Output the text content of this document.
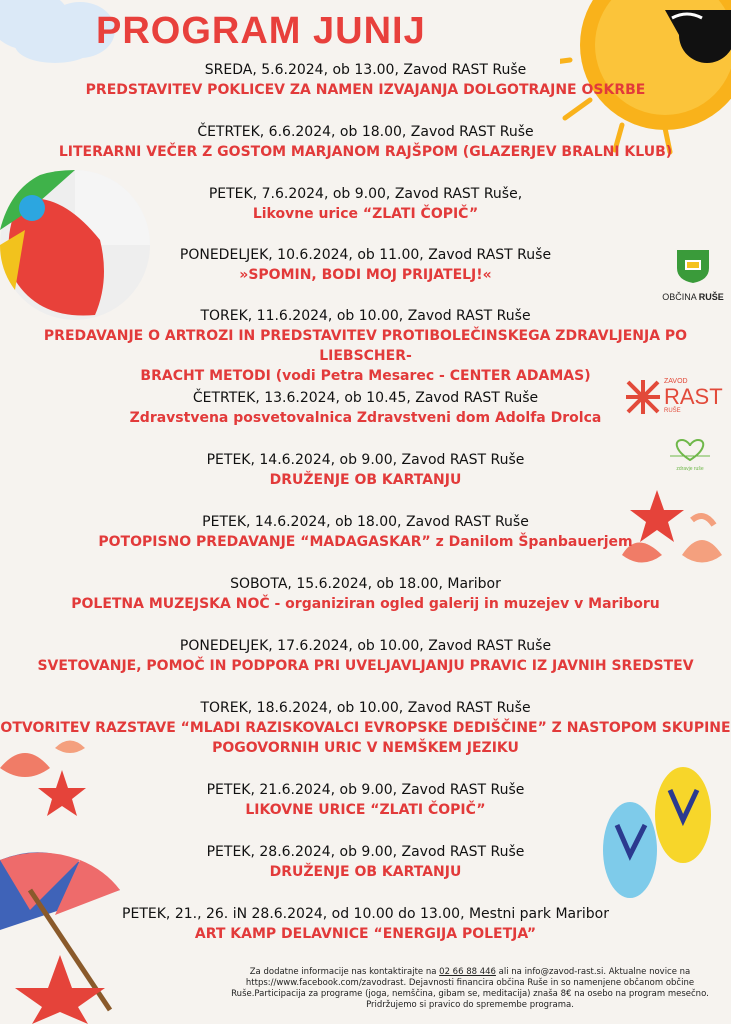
OBČINA RUŠE
ZAVOD
RAST
RUŠE
zdravje ruše
PROGRAM JUNIJ
SREDA, 5.6.2024, ob 13.00, Zavod RAST Ruše
PREDSTAVITEV POKLICEV ZA NAMEN IZVAJANJA DOLGOTRAJNE OSKRBE
ČETRTEK, 6.6.2024, ob 18.00, Zavod RAST Ruše
LITERARNI VEČER Z GOSTOM MARJANOM RAJŠPOM (GLAZERJEV BRALNI KLUB)
PETEK, 7.6.2024, ob 9.00, Zavod RAST Ruše,
Likovne urice “ZLATI ČOPIČ”
PONEDELJEK, 10.6.2024, ob 11.00, Zavod RAST Ruše
»SPOMIN, BODI MOJ PRIJATELJ!«
TOREK, 11.6.2024, ob 10.00, Zavod RAST Ruše
PREDAVANJE O ARTROZI IN PREDSTAVITEV PROTIBOLEČINSKEGA ZDRAVLJENJA PO LIEBSCHER-
BRACHT METODI (vodi Petra Mesarec - CENTER ADAMAS)
ČETRTEK, 13.6.2024, ob 10.45, Zavod RAST Ruše
Zdravstvena posvetovalnica Zdravstveni dom Adolfa Drolca
PETEK, 14.6.2024, ob 9.00, Zavod RAST Ruše
DRUŽENJE OB KARTANJU
PETEK, 14.6.2024, ob 18.00, Zavod RAST Ruše
POTOPISNO PREDAVANJE “MADAGASKAR” z Danilom Španbauerjem
SOBOTA, 15.6.2024, ob 18.00, Maribor
POLETNA MUZEJSKA NOČ - organiziran ogled galerij in muzejev v Mariboru
PONEDELJEK, 17.6.2024, ob 10.00, Zavod RAST Ruše
SVETOVANJE, POMOČ IN PODPORA PRI UVELJAVLJANJU PRAVIC IZ JAVNIH SREDSTEV
TOREK, 18.6.2024, ob 10.00, Zavod RAST Ruše
OTVORITEV RAZSTAVE “MLADI RAZISKOVALCI EVROPSKE DEDIŠČINE” Z NASTOPOM SKUPINE
POGOVORNIH URIC V NEMŠKEM JEZIKU
PETEK, 21.6.2024, ob 9.00, Zavod RAST Ruše
LIKOVNE URICE “ZLATI ČOPIČ”
PETEK, 28.6.2024, ob 9.00, Zavod RAST Ruše
DRUŽENJE OB KARTANJU
PETEK, 21., 26. iN 28.6.2024, od 10.00 do 13.00, Mestni park Maribor
ART KAMP DELAVNICE “ENERGIJA POLETJA”
Za dodatne informacije nas kontaktirajte na 02 66 88 446 ali na info@zavod-rast.si. Aktualne novice na
https://www.facebook.com/zavodrast. Dejavnosti financira občina Ruše in so namenjene občanom občine
Ruše.Participacija za programe (joga, nemščina, gibam se, meditacija) znaša 8€ na osebo na program mesečno.
Pridržujemo si pravico do spremembe programa.
